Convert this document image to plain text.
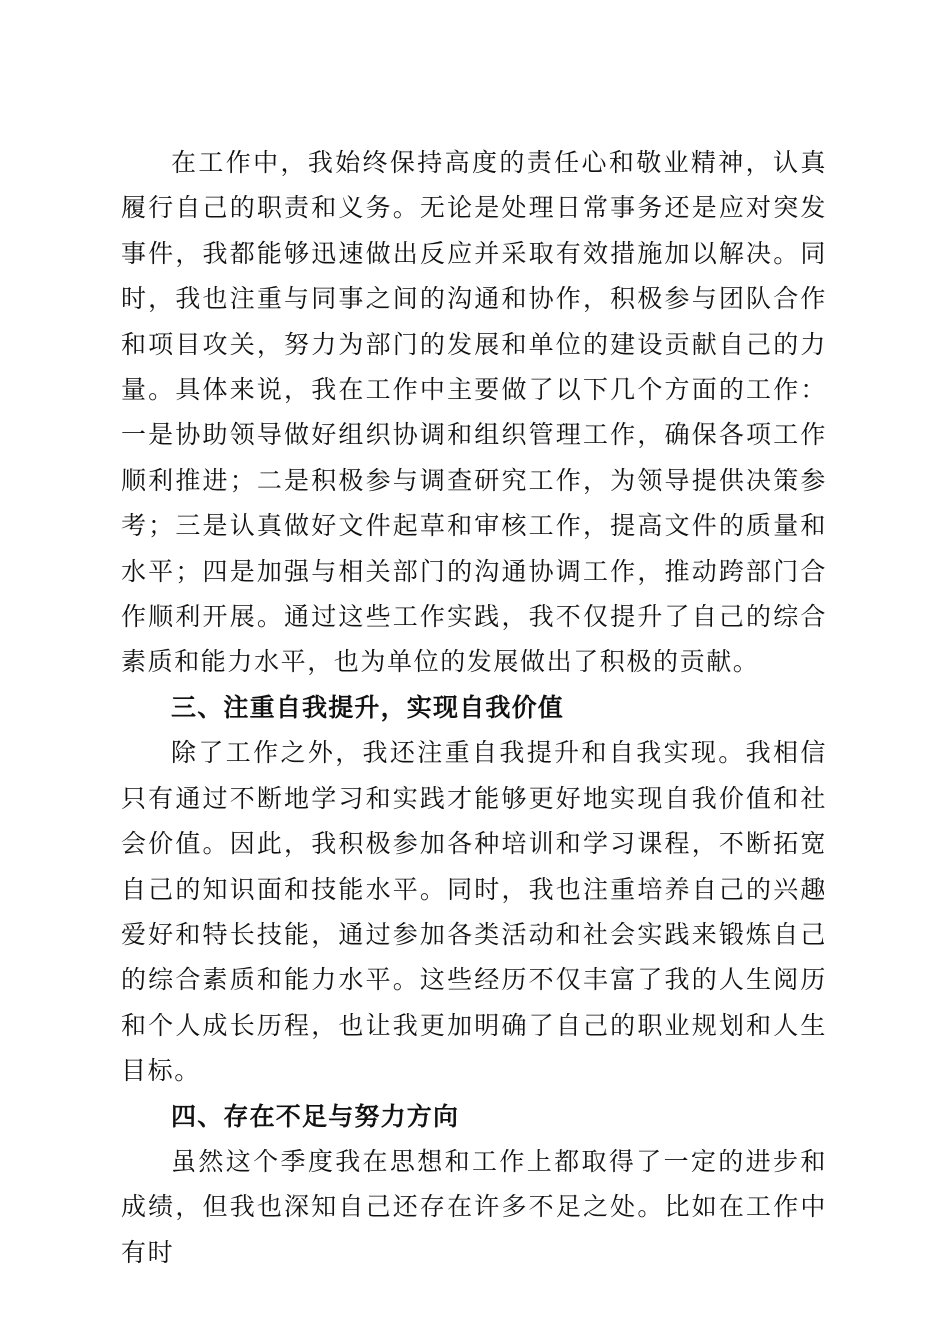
在工作中，我始终保持高度的责任心和敬业精神，认真履行自己的职责和义务。无论是处理日常事务还是应对突发事件，我都能够迅速做出反应并采取有效措施加以解决。同时，我也注重与同事之间的沟通和协作，积极参与团队合作和项目攻关，努力为部门的发展和单位的建设贡献自己的力量。具体来说，我在工作中主要做了以下几个方面的工作：一是协助领导做好组织协调和组织管理工作，确保各项工作顺利推进；二是积极参与调查研究工作，为领导提供决策参考；三是认真做好文件起草和审核工作，提高文件的质量和水平；四是加强与相关部门的沟通协调工作，推动跨部门合作顺利开展。通过这些工作实践，我不仅提升了自己的综合素质和能力水平，也为单位的发展做出了积极的贡献。

三、注重自我提升，实现自我价值

除了工作之外，我还注重自我提升和自我实现。我相信只有通过不断地学习和实践才能够更好地实现自我价值和社会价值。因此，我积极参加各种培训和学习课程，不断拓宽自己的知识面和技能水平。同时，我也注重培养自己的兴趣爱好和特长技能，通过参加各类活动和社会实践来锻炼自己的综合素质和能力水平。这些经历不仅丰富了我的人生阅历和个人成长历程，也让我更加明确了自己的职业规划和人生目标。

四、存在不足与努力方向

虽然这个季度我在思想和工作上都取得了一定的进步和成绩，但我也深知自己还存在许多不足之处。比如在工作中有时
